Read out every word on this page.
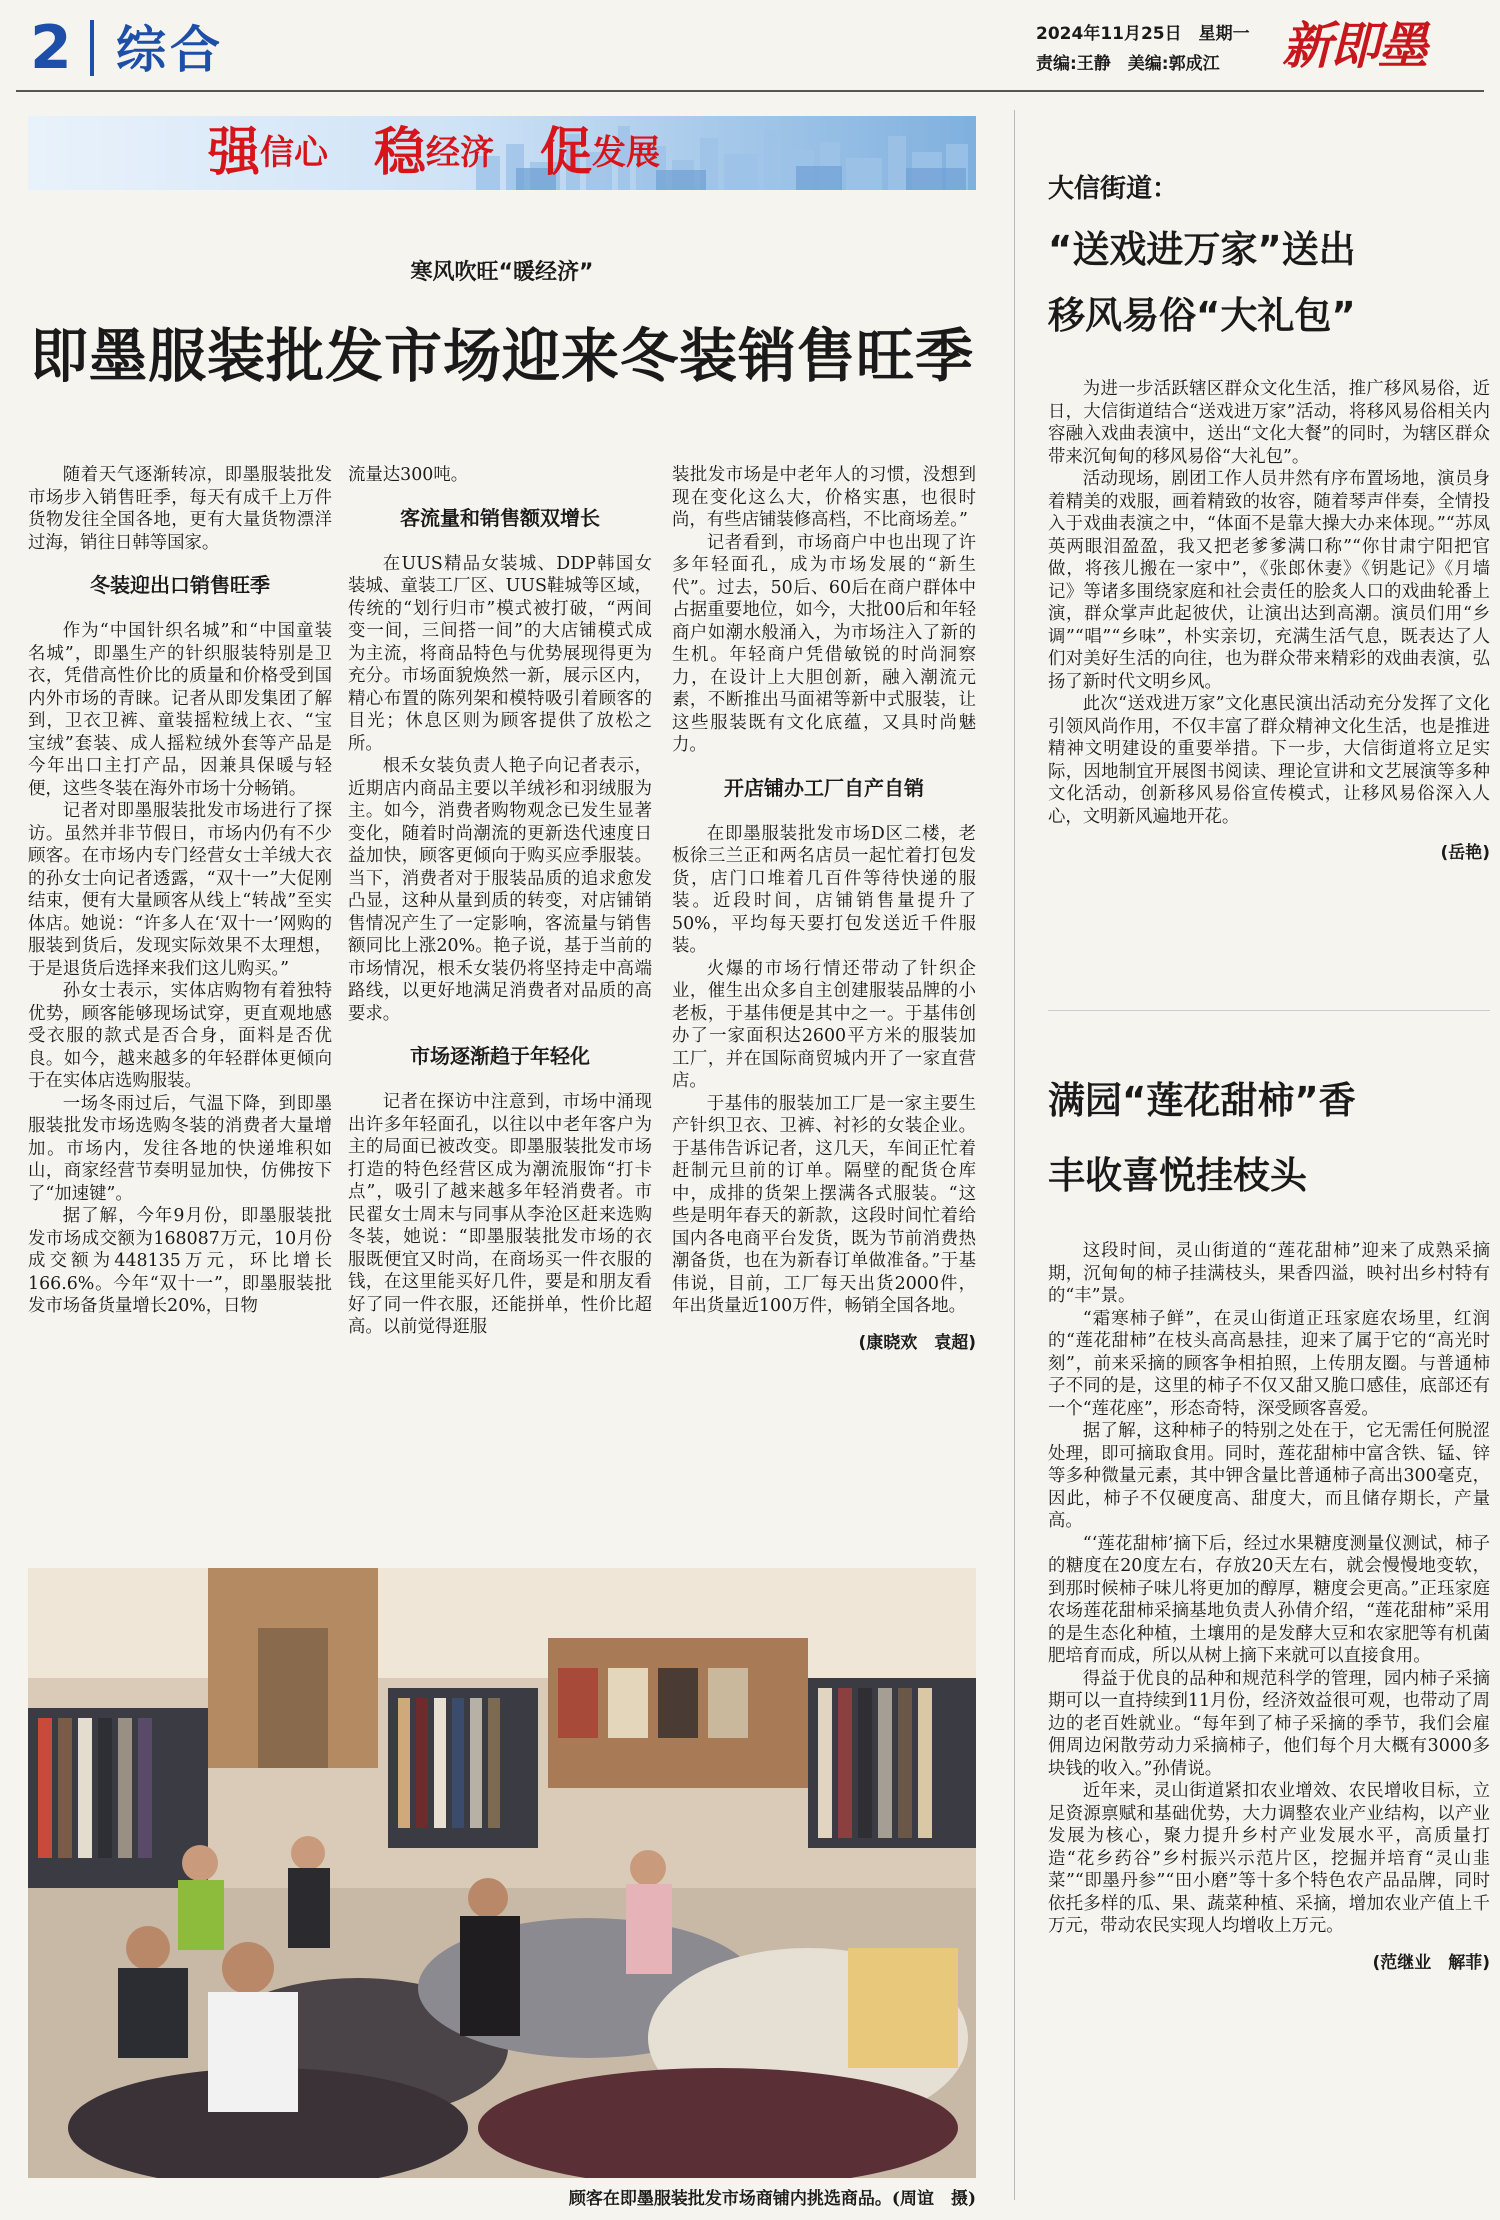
2 综合	2024年11月25日　星期一
责编:王静　美编:郭成江 新即墨
强 信心 稳 经济 促 发展
寒风吹旺“暖经济”
即墨服装批发市场迎来冬装销售旺季

随着天气逐渐转凉，即墨服装批发市场步入销售旺季，每天有成千上万件货物发往全国各地，更有大量货物漂洋过海，销往日韩等国家。

冬装迎出口销售旺季

作为“中国针织名城”和“中国童装名城”，即墨生产的针织服装特别是卫衣，凭借高性价比的质量和价格受到国内外市场的青睐。记者从即发集团了解到，卫衣卫裤、童装摇粒绒上衣、“宝宝绒”套装、成人摇粒绒外套等产品是今年出口主打产品，因兼具保暖与轻便，这些冬装在海外市场十分畅销。

记者对即墨服装批发市场进行了探访。虽然并非节假日，市场内仍有不少顾客。在市场内专门经营女士羊绒大衣的孙女士向记者透露，“双十一”大促刚结束，便有大量顾客从线上“转战”至实体店。她说：“许多人在‘双十一’网购的服装到货后，发现实际效果不太理想，于是退货后选择来我们这儿购买。”

孙女士表示，实体店购物有着独特优势，顾客能够现场试穿，更直观地感受衣服的款式是否合身，面料是否优良。如今，越来越多的年轻群体更倾向于在实体店选购服装。

一场冬雨过后，气温下降，到即墨服装批发市场选购冬装的消费者大量增加。市场内，发往各地的快递堆积如山，商家经营节奏明显加快，仿佛按下了“加速键”。

据了解，今年9月份，即墨服装批发市场成交额为168087万元，10月份成交额为448135万元，环比增长166.6%。今年“双十一”，即墨服装批发市场备货量增长20%，日物

流量达300吨。

客流量和销售额双增长

在UUS精品女装城、DDP韩国女装城、童装工厂区、UUS鞋城等区域，传统的“划行归市”模式被打破，“两间变一间，三间搭一间”的大店铺模式成为主流，将商品特色与优势展现得更为充分。市场面貌焕然一新，展示区内，精心布置的陈列架和模特吸引着顾客的目光；休息区则为顾客提供了放松之所。

根禾女装负责人艳子向记者表示，近期店内商品主要以羊绒衫和羽绒服为主。如今，消费者购物观念已发生显著变化，随着时尚潮流的更新迭代速度日益加快，顾客更倾向于购买应季服装。当下，消费者对于服装品质的追求愈发凸显，这种从量到质的转变，对店铺销售情况产生了一定影响，客流量与销售额同比上涨20%。艳子说，基于当前的市场情况，根禾女装仍将坚持走中高端路线，以更好地满足消费者对品质的高要求。

市场逐渐趋于年轻化

记者在探访中注意到，市场中涌现出许多年轻面孔，以往以中老年客户为主的局面已被改变。即墨服装批发市场打造的特色经营区成为潮流服饰“打卡点”，吸引了越来越多年轻消费者。市民翟女士周末与同事从李沧区赶来选购冬装，她说：“即墨服装批发市场的衣服既便宜又时尚，在商场买一件衣服的钱，在这里能买好几件，要是和朋友看好了同一件衣服，还能拼单，性价比超高。以前觉得逛服

装批发市场是中老年人的习惯，没想到现在变化这么大，价格实惠，也很时尚，有些店铺装修高档，不比商场差。”

记者看到，市场商户中也出现了许多年轻面孔，成为市场发展的“新生代”。过去，50后、60后在商户群体中占据重要地位，如今，大批00后和年轻商户如潮水般涌入，为市场注入了新的生机。年轻商户凭借敏锐的时尚洞察力，在设计上大胆创新，融入潮流元素，不断推出马面裙等新中式服装，让这些服装既有文化底蕴，又具时尚魅力。

开店铺办工厂自产自销

在即墨服装批发市场D区二楼，老板徐三兰正和两名店员一起忙着打包发货，店门口堆着几百件等待快递的服装。近段时间，店铺销售量提升了50%，平均每天要打包发送近千件服装。

火爆的市场行情还带动了针织企业，催生出众多自主创建服装品牌的小老板，于基伟便是其中之一。于基伟创办了一家面积达2600平方米的服装加工厂，并在国际商贸城内开了一家直营店。

于基伟的服装加工厂是一家主要生产针织卫衣、卫裤、衬衫的女装企业。于基伟告诉记者，这几天，车间正忙着赶制元旦前的订单。隔壁的配货仓库中，成排的货架上摆满各式服装。“这些是明年春天的新款，这段时间忙着给国内各电商平台发货，既为节前消费热潮备货，也在为新春订单做准备。”于基伟说，目前，工厂每天出货2000件，年出货量近100万件，畅销全国各地。

(康晓欢　袁超)
顾客在即墨服装批发市场商铺内挑选商品。(周谊　摄)
大信街道：
“送戏进万家”送出
移风易俗“大礼包”

为进一步活跃辖区群众文化生活，推广移风易俗，近日，大信街道结合“送戏进万家”活动，将移风易俗相关内容融入戏曲表演中，送出“文化大餐”的同时，为辖区群众带来沉甸甸的移风易俗“大礼包”。

活动现场，剧团工作人员井然有序布置场地，演员身着精美的戏服，画着精致的妆容，随着琴声伴奏，全情投入于戏曲表演之中，“体面不是靠大操大办来体现。”“苏凤英两眼泪盈盈，我又把老爹爹满口称”“你甘肃宁阳把官做，将孩儿搬在一家中”，《张郎休妻》《钥匙记》《月墙记》等诸多围绕家庭和社会责任的脍炙人口的戏曲轮番上演，群众掌声此起彼伏，让演出达到高潮。演员们用“乡调”“唱”“乡味”，朴实亲切，充满生活气息，既表达了人们对美好生活的向往，也为群众带来精彩的戏曲表演，弘扬了新时代文明乡风。

此次“送戏进万家”文化惠民演出活动充分发挥了文化引领风尚作用，不仅丰富了群众精神文化生活，也是推进精神文明建设的重要举措。下一步，大信街道将立足实际，因地制宜开展图书阅读、理论宣讲和文艺展演等多种文化活动，创新移风易俗宣传模式，让移风易俗深入人心，文明新风遍地开花。

(岳艳)
满园“莲花甜柿”香
丰收喜悦挂枝头

这段时间，灵山街道的“莲花甜柿”迎来了成熟采摘期，沉甸甸的柿子挂满枝头，果香四溢，映衬出乡村特有的“丰”景。

“霜寒柿子鲜”，在灵山街道正珏家庭农场里，红润的“莲花甜柿”在枝头高高悬挂，迎来了属于它的“高光时刻”，前来采摘的顾客争相拍照，上传朋友圈。与普通柿子不同的是，这里的柿子不仅又甜又脆口感佳，底部还有一个“莲花座”，形态奇特，深受顾客喜爱。

据了解，这种柿子的特别之处在于，它无需任何脱涩处理，即可摘取食用。同时，莲花甜柿中富含铁、锰、锌等多种微量元素，其中钾含量比普通柿子高出300毫克，因此，柿子不仅硬度高、甜度大，而且储存期长，产量高。

“‘莲花甜柿’摘下后，经过水果糖度测量仪测试，柿子的糖度在20度左右，存放20天左右，就会慢慢地变软，到那时候柿子味儿将更加的醇厚，糖度会更高。”正珏家庭农场莲花甜柿采摘基地负责人孙倩介绍，“莲花甜柿”采用的是生态化种植，土壤用的是发酵大豆和农家肥等有机菌肥培育而成，所以从树上摘下来就可以直接食用。

得益于优良的品种和规范科学的管理，园内柿子采摘期可以一直持续到11月份，经济效益很可观，也带动了周边的老百姓就业。“每年到了柿子采摘的季节，我们会雇佣周边闲散劳动力采摘柿子，他们每个月大概有3000多块钱的收入。”孙倩说。

近年来，灵山街道紧扣农业增效、农民增收目标，立足资源禀赋和基础优势，大力调整农业产业结构，以产业发展为核心，聚力提升乡村产业发展水平，高质量打造“花乡药谷”乡村振兴示范片区，挖掘并培育“灵山韭菜”“即墨丹参”“田小磨”等十多个特色农产品品牌，同时依托多样的瓜、果、蔬菜种植、采摘，增加农业产值上千万元，带动农民实现人均增收上万元。

(范继业　解菲)
